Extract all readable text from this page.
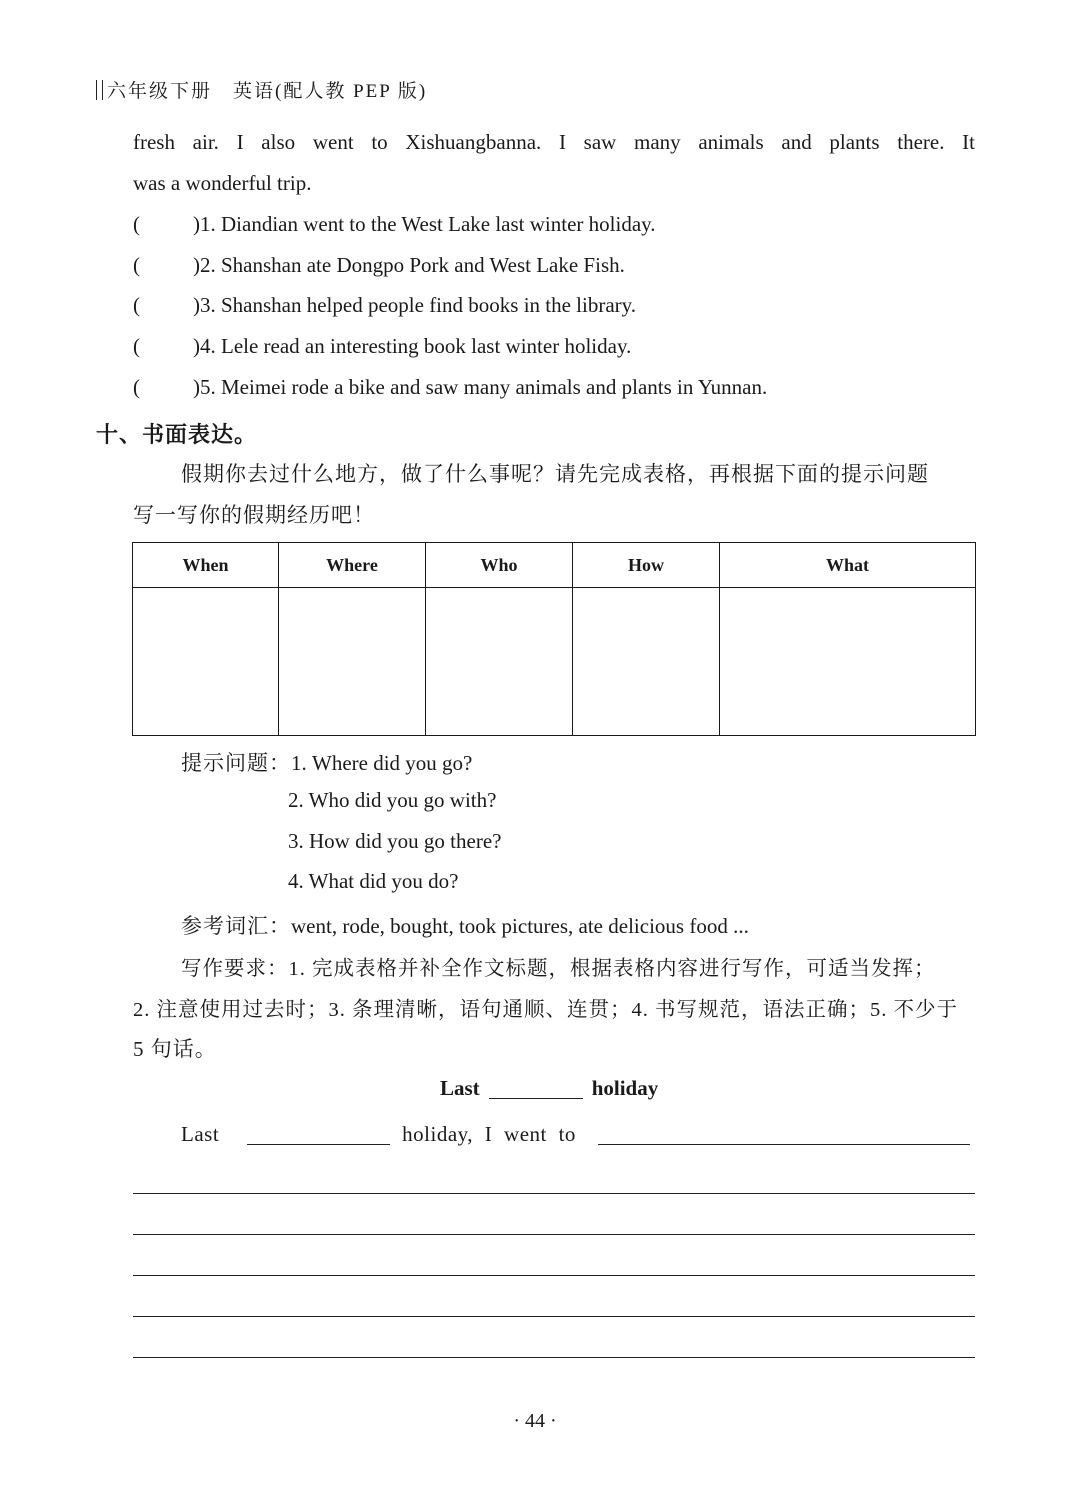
六年级下册　英语(配人教 PEP 版)
fresh air. I also went to Xishuangbanna. I saw many animals and plants there. It
was a wonderful trip.
(	)1. Diandian went to the West Lake last winter holiday.
(	)2. Shanshan ate Dongpo Pork and West Lake Fish.
(	)3. Shanshan helped people find books in the library.
(	)4. Lele read an interesting book last winter holiday.
(	)5. Meimei rode a bike and saw many animals and plants in Yunnan.
十、书面表达。
假期你去过什么地方，做了什么事呢？请先完成表格，再根据下面的提示问题
写一写你的假期经历吧！
When	Where	Who	How	What

提示问题：1. Where did you go?
2. Who did you go with?
3. How did you go there?
4. What did you do?
参考词汇：went, rode, bought, took pictures, ate delicious food ...
写作要求：1. 完成表格并补全作文标题，根据表格内容进行写作，可适当发挥；
2. 注意使用过去时；3. 条理清晰，语句通顺、连贯；4. 书写规范，语法正确；5. 不少于
5 句话。
Last	holiday
Last	holiday, I went to
· 44 ·
